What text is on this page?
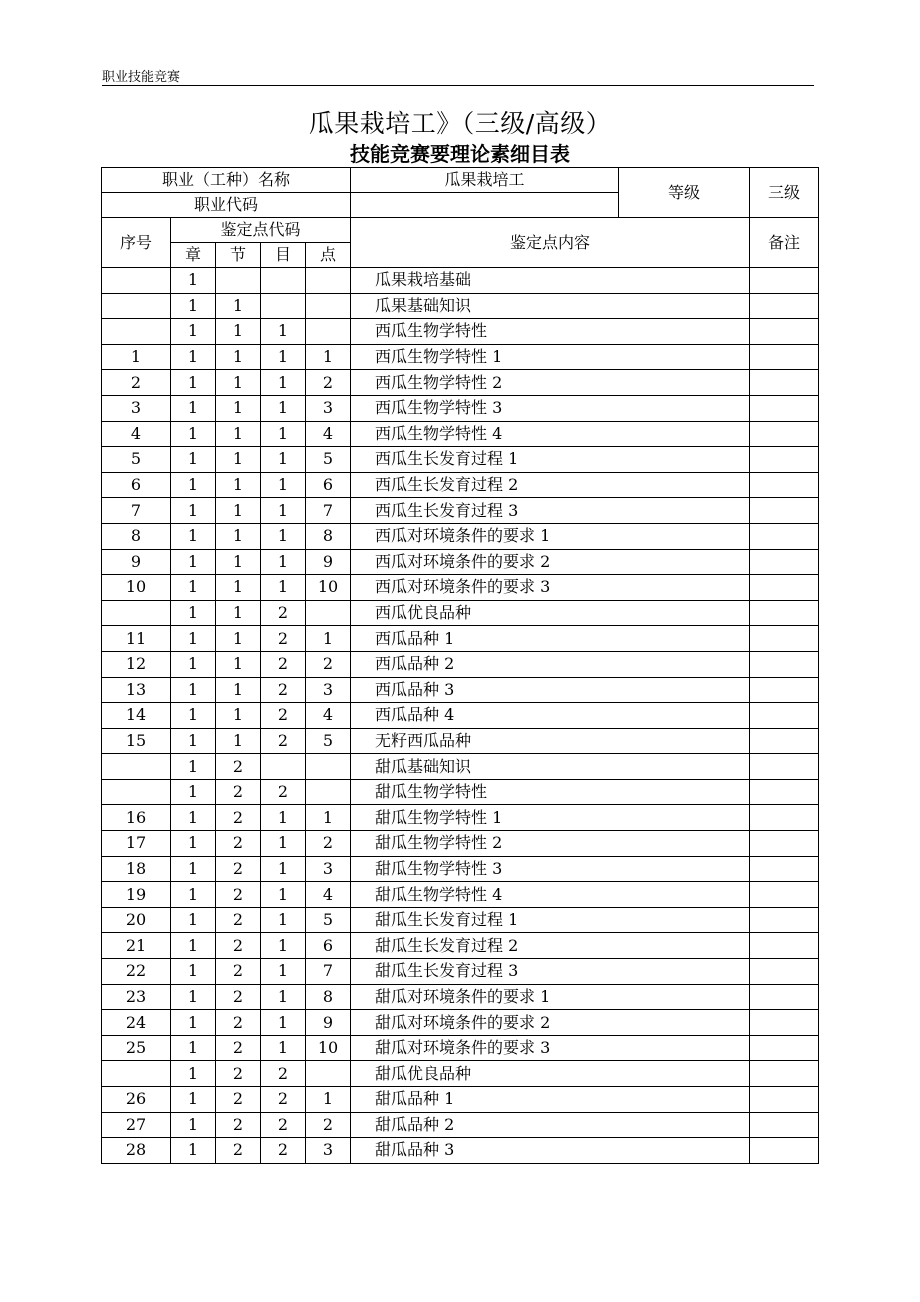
职业技能竞赛
瓜果栽培工》（三级/高级）
技能竞赛要理论素细目表
职业（工种）名称					瓜果栽培工	等级	三级
职业代码							
序号	鉴定点代码				鉴定点内容		备注
	章	节	目	点			
	1				瓜果栽培基础		
	1	1			瓜果基础知识		
	1	1	1		西瓜生物学特性		
1	1	1	1	1	西瓜生物学特性 1		
2	1	1	1	2	西瓜生物学特性 2		
3	1	1	1	3	西瓜生物学特性 3		
4	1	1	1	4	西瓜生物学特性 4		
5	1	1	1	5	西瓜生长发育过程 1		
6	1	1	1	6	西瓜生长发育过程 2		
7	1	1	1	7	西瓜生长发育过程 3		
8	1	1	1	8	西瓜对环境条件的要求 1		
9	1	1	1	9	西瓜对环境条件的要求 2		
10	1	1	1	10	西瓜对环境条件的要求 3		
	1	1	2		西瓜优良品种		
11	1	1	2	1	西瓜品种 1		
12	1	1	2	2	西瓜品种 2		
13	1	1	2	3	西瓜品种 3		
14	1	1	2	4	西瓜品种 4		
15	1	1	2	5	无籽西瓜品种		
	1	2			甜瓜基础知识		
	1	2	2		甜瓜生物学特性		
16	1	2	1	1	甜瓜生物学特性 1		
17	1	2	1	2	甜瓜生物学特性 2		
18	1	2	1	3	甜瓜生物学特性 3		
19	1	2	1	4	甜瓜生物学特性 4		
20	1	2	1	5	甜瓜生长发育过程 1		
21	1	2	1	6	甜瓜生长发育过程 2		
22	1	2	1	7	甜瓜生长发育过程 3		
23	1	2	1	8	甜瓜对环境条件的要求 1		
24	1	2	1	9	甜瓜对环境条件的要求 2		
25	1	2	1	10	甜瓜对环境条件的要求 3		
	1	2	2		甜瓜优良品种		
26	1	2	2	1	甜瓜品种 1		
27	1	2	2	2	甜瓜品种 2		
28	1	2	2	3	甜瓜品种 3		
